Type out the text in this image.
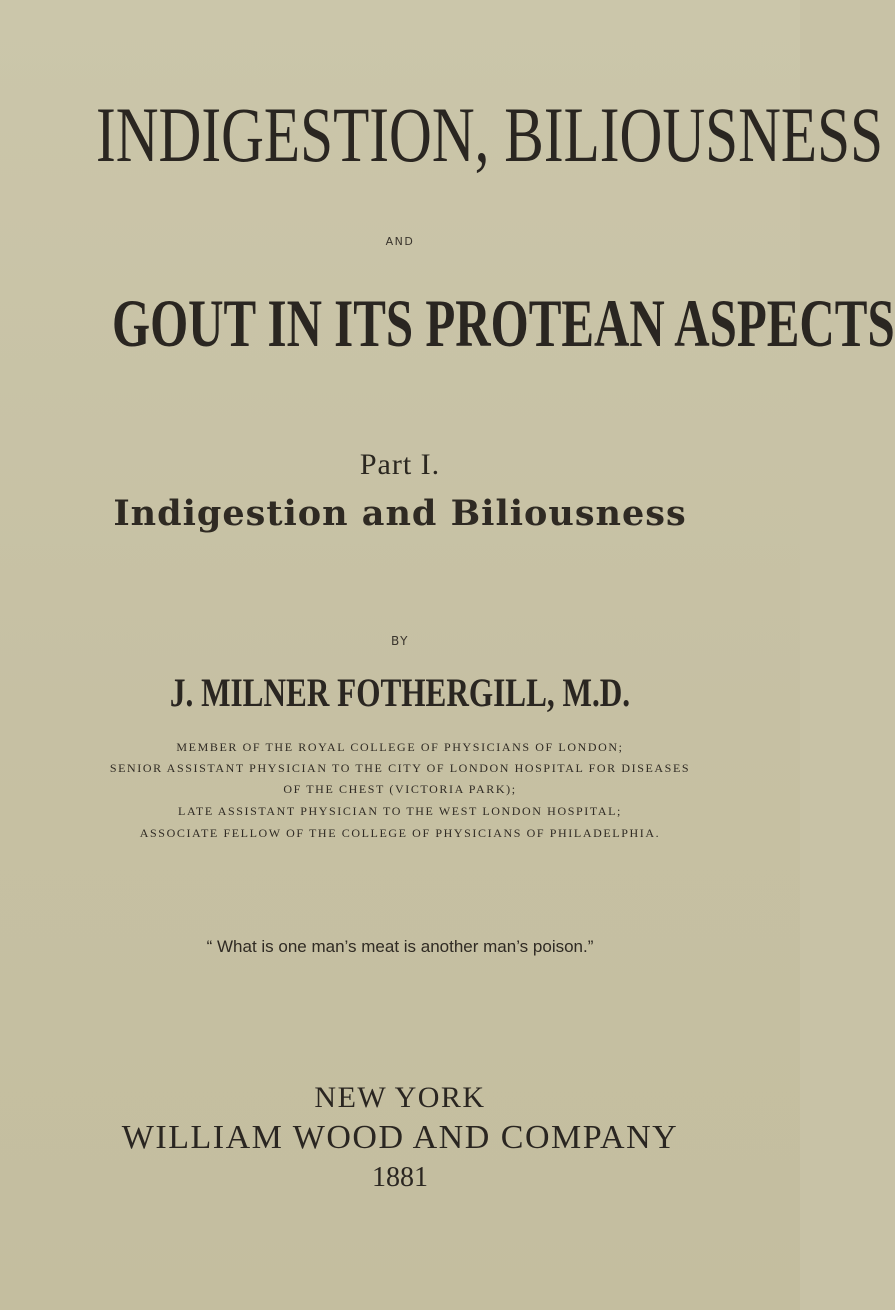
INDIGESTION, BILIOUSNESS
AND
GOUT IN ITS PROTEAN ASPECTS
Part I.
Indigestion and Biliousness
BY
J. MILNER FOTHERGILL, M.D.
MEMBER OF THE ROYAL COLLEGE OF PHYSICIANS OF LONDON;
SENIOR ASSISTANT PHYSICIAN TO THE CITY OF LONDON HOSPITAL FOR DISEASES
OF THE CHEST (VICTORIA PARK);
LATE ASSISTANT PHYSICIAN TO THE WEST LONDON HOSPITAL;
ASSOCIATE FELLOW OF THE COLLEGE OF PHYSICIANS OF PHILADELPHIA.
“ What is one man’s meat is another man’s poison.”
NEW YORK
WILLIAM WOOD AND COMPANY
1881
